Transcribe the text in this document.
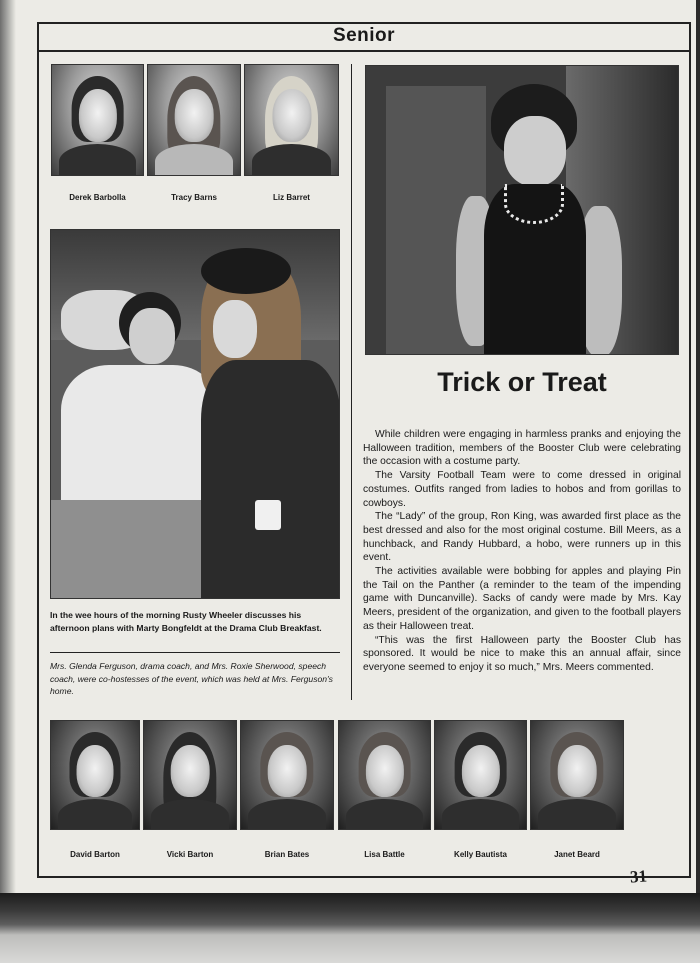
Senior
Derek Barbolla	Tracy Barns	Liz Barret
In the wee hours of the morning Rusty Wheeler discusses his afternoon plans with Marty Bongfeldt at the Drama Club Breakfast.
Mrs. Glenda Ferguson, drama coach, and Mrs. Roxie Sherwood, speech coach, were co-hostesses of the event, which was held at Mrs. Ferguson's home.
Trick or Treat

While children were engaging in harmless pranks and enjoying the Halloween tradition, members of the Booster Club were celebrating the occasion with a costume party.

The Varsity Football Team were to come dressed in original costumes. Outfits ranged from ladies to hobos and from gorillas to cowboys.

The “Lady” of the group, Ron King, was awarded first place as the best dressed and also for the most original costume. Bill Meers, as a hunchback, and Randy Hubbard, a hobo, were runners up in this event.

The activities available were bobbing for apples and playing Pin the Tail on the Panther (a reminder to the team of the impending game with Duncanville). Sacks of candy were made by Mrs. Kay Meers, president of the organization, and given to the football players as their Halloween treat.

“This was the first Halloween party the Booster Club has sponsored. It would be nice to make this an annual affair, since everyone seemed to enjoy it so much,” Mrs. Meers commented.

David Barton	Vicki Barton	Brian Bates	Lisa Battle	Kelly Bautista	Janet Beard
31
